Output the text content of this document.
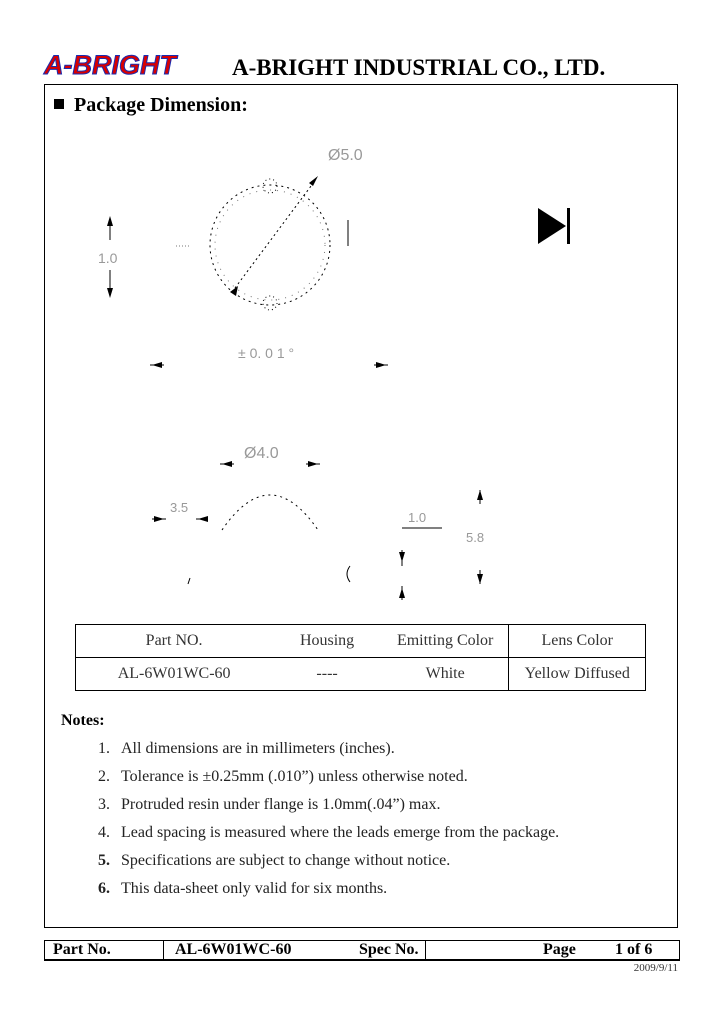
A-BRIGHT A-BRIGHT INDUSTRIAL CO., LTD.
Package Dimension:
Ø5.0
1.0
± 0. 0 1 °
Ø4.0
3.5
1.0
5.8
Part NO.	Housing	Emitting Color	Lens Color
AL-6W01WC-60	----	White	Yellow Diffused
Notes:
1. All dimensions are in millimeters (inches).
2. Tolerance is ±0.25mm (.010”) unless otherwise noted.
3. Protruded resin under flange is 1.0mm(.04”) max.
4. Lead spacing is measured where the leads emerge from the package.
5. Specifications are subject to change without notice.
6. This data-sheet only valid for six months.
Part No.	AL-6W01WC-60	Spec No.	Page 1 of 6
2009/9/11
